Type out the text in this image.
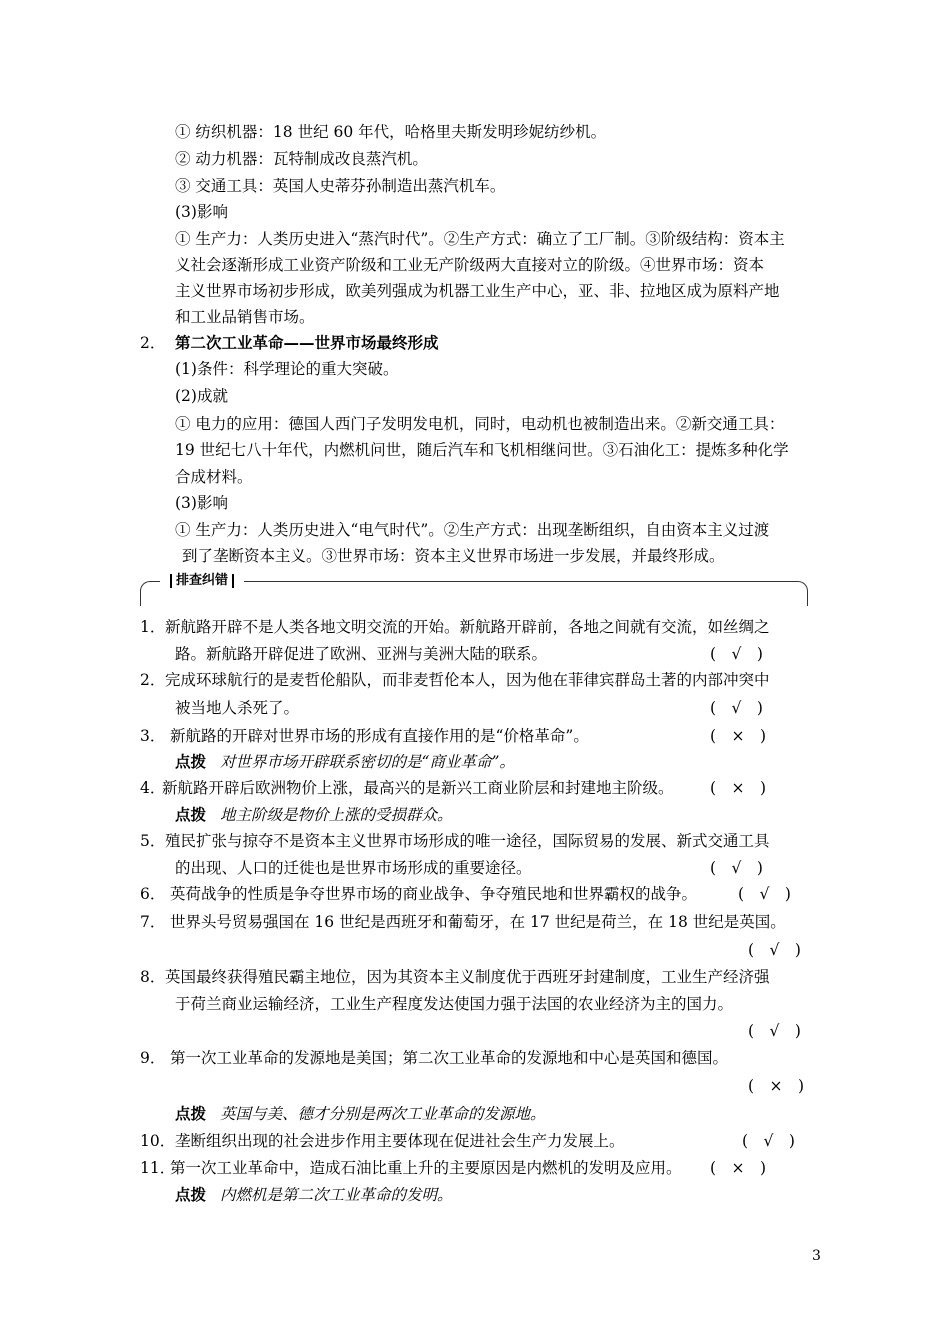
① 纺织机器：18 世纪 60 年代，哈格里夫斯发明珍妮纺纱机。
② 动力机器：瓦特制成改良蒸汽机。
③ 交通工具：英国人史蒂芬孙制造出蒸汽机车。
(3)影响
① 生产力：人类历史进入“蒸汽时代”。②生产方式：确立了工厂制。③阶级结构：资本主
义社会逐渐形成工业资产阶级和工业无产阶级两大直接对立的阶级。④世界市场：资本
主义世界市场初步形成，欧美列强成为机器工业生产中心，亚、非、拉地区成为原料产地
和工业品销售市场。
2． 第二次工业革命——世界市场最终形成
(1)条件：科学理论的重大突破。
(2)成就
① 电力的应用：德国人西门子发明发电机，同时，电动机也被制造出来。②新交通工具：
19 世纪七八十年代，内燃机问世，随后汽车和飞机相继问世。③石油化工：提炼多种化学
合成材料。
(3)影响
① 生产力：人类历史进入“电气时代”。②生产方式：出现垄断组织，自由资本主义过渡
到了垄断资本主义。③世界市场：资本主义世界市场进一步发展，并最终形成。
排查纠错
1． 新航路开辟不是人类各地文明交流的开始。新航路开辟前，各地之间就有交流，如丝绸之
路。新航路开辟促进了欧洲、亚洲与美洲大陆的联系。	(　√　)
2． 完成环球航行的是麦哲伦船队，而非麦哲伦本人，因为他在菲律宾群岛土著的内部冲突中
被当地人杀死了。	(　√　)
3． 新航路的开辟对世界市场的形成有直接作用的是“价格革命”。	(　×　)
点拨 对世界市场开辟联系密切的是“商业革命”。
4．
新航路开辟后欧洲物价上涨，最高兴的是新兴工商业阶层和封建地主阶级。 (　×　)
点拨 地主阶级是物价上涨的受损群众。
5． 殖民扩张与掠夺不是资本主义世界市场形成的唯一途径，国际贸易的发展、新式交通工具
的出现、人口的迁徙也是世界市场形成的重要途径。	(　√　)
6． 英荷战争的性质是争夺世界市场的商业战争、争夺殖民地和世界霸权的战争。	(　√　)
7． 世界头号贸易强国在 16 世纪是西班牙和葡萄牙，在 17 世纪是荷兰，在 18 世纪是英国。
(　√　)
8． 英国最终获得殖民霸主地位，因为其资本主义制度优于西班牙封建制度，工业生产经济强
于荷兰商业运输经济，工业生产程度发达使国力强于法国的农业经济为主的国力。
(　√　)
9． 第一次工业革命的发源地是美国；第二次工业革命的发源地和中心是英国和德国。
(　×　)
点拨 英国与美、德才分别是两次工业革命的发源地。
10． 垄断组织出现的社会进步作用主要体现在促进社会生产力发展上。	(　√　)
11．
第一次工业革命中，造成石油比重上升的主要原因是内燃机的发明及应用。 (　×　)
点拨 内燃机是第二次工业革命的发明。
3
